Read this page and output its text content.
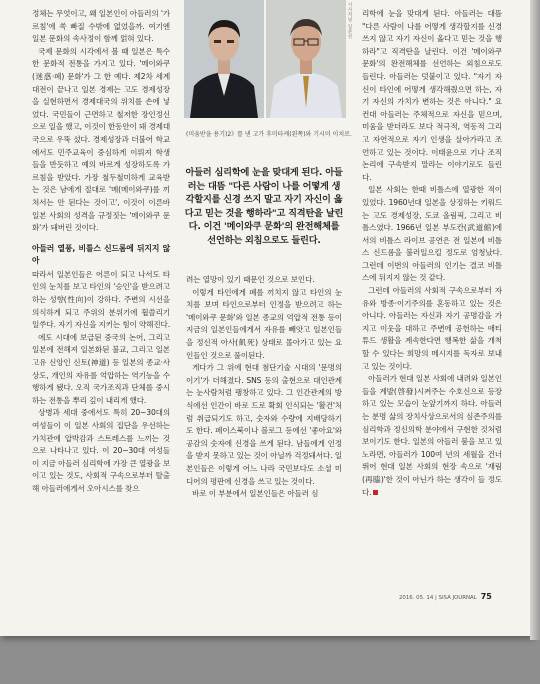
정체는 무엇이고, 왜 일본인이 아들러의 '가르침'에 쏙 빠질 수밖에 없었을까. 여기엔 일본 문화의 속사정이 함께 얽혀 있다.

국제 문화의 시각에서 볼 때 일본은 특수한 문화적 전통을 가지고 있다. '메이와쿠(迷惑·폐) 문화'가 그 한 예다. 제2차 세계대전이 끝나고 일본 경제는 고도 경제성장을 실현하면서 경제대국의 위치를 손에 넣었다. 국민들이 근면하고 철저한 장인정신으로 일을 했고, 이것이 한동안이 돼 경제대국으로 우뚝 섰다. 경제성장과 더불어 학교에서도 민주교육이 중심하게 이뤄져 학생들을 반듯하고 예의 바르게 성장하도록 가르침을 받았다. 가장 철두철미하게 교육받는 것은 남에게 절대로 '메(메이와쿠)를 끼쳐서는 안 된다는 것이고', 이것이 이른바 일본 사회의 성격을 규정짓는 '메이와쿠 문화'가 돼버린 것이다.

아들러 열풍, 비틀스 신드롬에 뒤지지 않아

따라서 일본인들은 어른이 되고 나서도 타인의 눈치를 보고 타인의 '승인'을 받으려고 하는 성향(性向)이 강하다. 주변의 시선을 의식하게 되고 주위의 분위기에 휩쓸리기 일쑤다. 자기 자신을 지키는 힘이 약해진다.

에도 시대에 보급된 중국의 논어, 그리고 일본에 전해져 일본화된 불교, 그리고 일본 고유 신앙인 신토(神道) 등 일본의 종교·사상도, 개인의 자유를 억압하는 역기능을 수행하게 됐다. 오직 국가조직과 단체를 중시하는 전통을 뿌리 깊이 내리게 했다.

상병과 세대 중에서도 특히 20~30대의 여성들이 이 일본 사회의 집단을 우선하는 가치관에 압박감과 스트레스를 느끼는 것으로 나타나고 있다. 이 20~30대 여성들이 지금 아들러 심리학에 가장 큰 열광을 보이고 있는 것도, 사회적 구속으로부터 탈출해 아들러에게서 오아시스를 찾으

시사저널 임준선
(미움받을 용기)2》를 낸 고가 후미타케(왼쪽)와 기시미 이치로.
아들러 심리학에 눈을 맞대게 된다. 아들러는 대뜸 "다른 사람이 나를 어떻게 생각할지를 신경 쓰지 말고 자기 자신이 옳다고 믿는 것을 행하라"고 직격탄을 날린다. 이건 '메이와쿠 문화'의 완전해체를 선언하는 외침으로도 들린다.

려는 열망이 있기 때문인 것으로 보인다.

이렇게 타인에게 폐를 끼치지 않고 타인의 눈치를 보며 타인으로부터 인정을 받으려고 하는 '메이와쿠 문화'와 일본 종교의 억압적 전통 등이 지금의 일본인들에게서 자유를 빼앗고 일본인들을 정신적 아사(飢死) 상태로 몰아가고 있는 요인들인 것으로 풀이된다.

게다가 그 위에 현대 첨단기술 시대의 '문명의 이기'가 더해졌다. SNS 등의 출현으로 대인관계는 눈사람처럼 팽창하고 있다. 그 인간관계의 방식에선 인간이 바로 드로 확회 인식되는 '활건'처럼 취급되기도 하고, 숫자와 수량에 지배당하기도 한다. 페이스북이나 블로그 등에선 '좋아요'와 공감의 숫자에 신경을 쓰게 된다. 남들에게 인정을 받지 못하고 있는 것이 아닐까 걱정돼서다. 일본인들은 이렇게 어느 나라 국민보다도 소셜 미디어의 평판에 신경을 쓰고 있는 것이다.

바로 이 부분에서 일본인들은 아들러 심

리학에 눈을 맞대게 된다. 아들러는 대뜸 "다른 사람이 나를 어떻게 생각할지를 신경 쓰지 않고 자기 자신이 옳다고 믿는 것을 행하라"고 직격탄을 날린다. 이건 '메이와쿠 문화'의 완전해체를 선언하는 외침으로도 들린다. 아들러는 덧붙이고 있다. "자기 자신이 타인에 어떻게 생각해줬으면 하는, 자기 자신의 가치가 변하는 것은 아니다." 요컨대 아들러는 주체적으로 자신을 믿으며, 미움을 받더라도 보다 적극적, 역동적 그리고 자연적으로 자기 인생을 살아가라고 조언하고 있는 것이다. 이태윤으로 기나 조직논리에 구속받지 말라는 이야기로도 들린다.

일본 사회는 한때 비틀스에 열광한 적이 있었다. 1960년대 일본을 상징하는 키워드는 고도 경제성장, 도쿄 올림픽, 그리고 비틀스였다. 1966년 일본 부도칸(武道館)에서의 비틀스 라이브 공연은 전 일본에 비틀스 신드롬을 불러일으킬 정도로 엄청났다. 그런데 이번의 아들러의 인기는 결코 비틀스에 뒤지지 않는 것 같다.

그런데 아들러의 사회적 구속으로부터 자유와 방종·이기주의를 혼동하고 있는 것은 아니다. 아들러는 자신과 자기 공명감을 가지고 이웃을 대하고 주변에 공헌하는 애티튜드 생활을 계속한다면 행복한 삶을 개척할 수 있다는 희망의 메시지를 독자로 보내고 있는 것이다.

아들러가 현대 일본 사회에 내려와 일본인들을 계발(啓發)시켜주는 수호신으로 등장하고 있는 모습이 눈앞기까지 하다. 아들러는 분명 삶의 장치사상으로서의 심존주의를 심리학과 정신의학 분야에서 구현한 것처럼 보이기도 한다. 일본의 아들러 붐을 보고 있노라면, 아들러가 100여 년의 세월을 건너뛰어 현대 일본 사회의 현장 속으로 '재림(再臨)'한 것이 아닌가 하는 생각이 들 정도다.

2016. 05. 14 | SISA JOURNAL 75
